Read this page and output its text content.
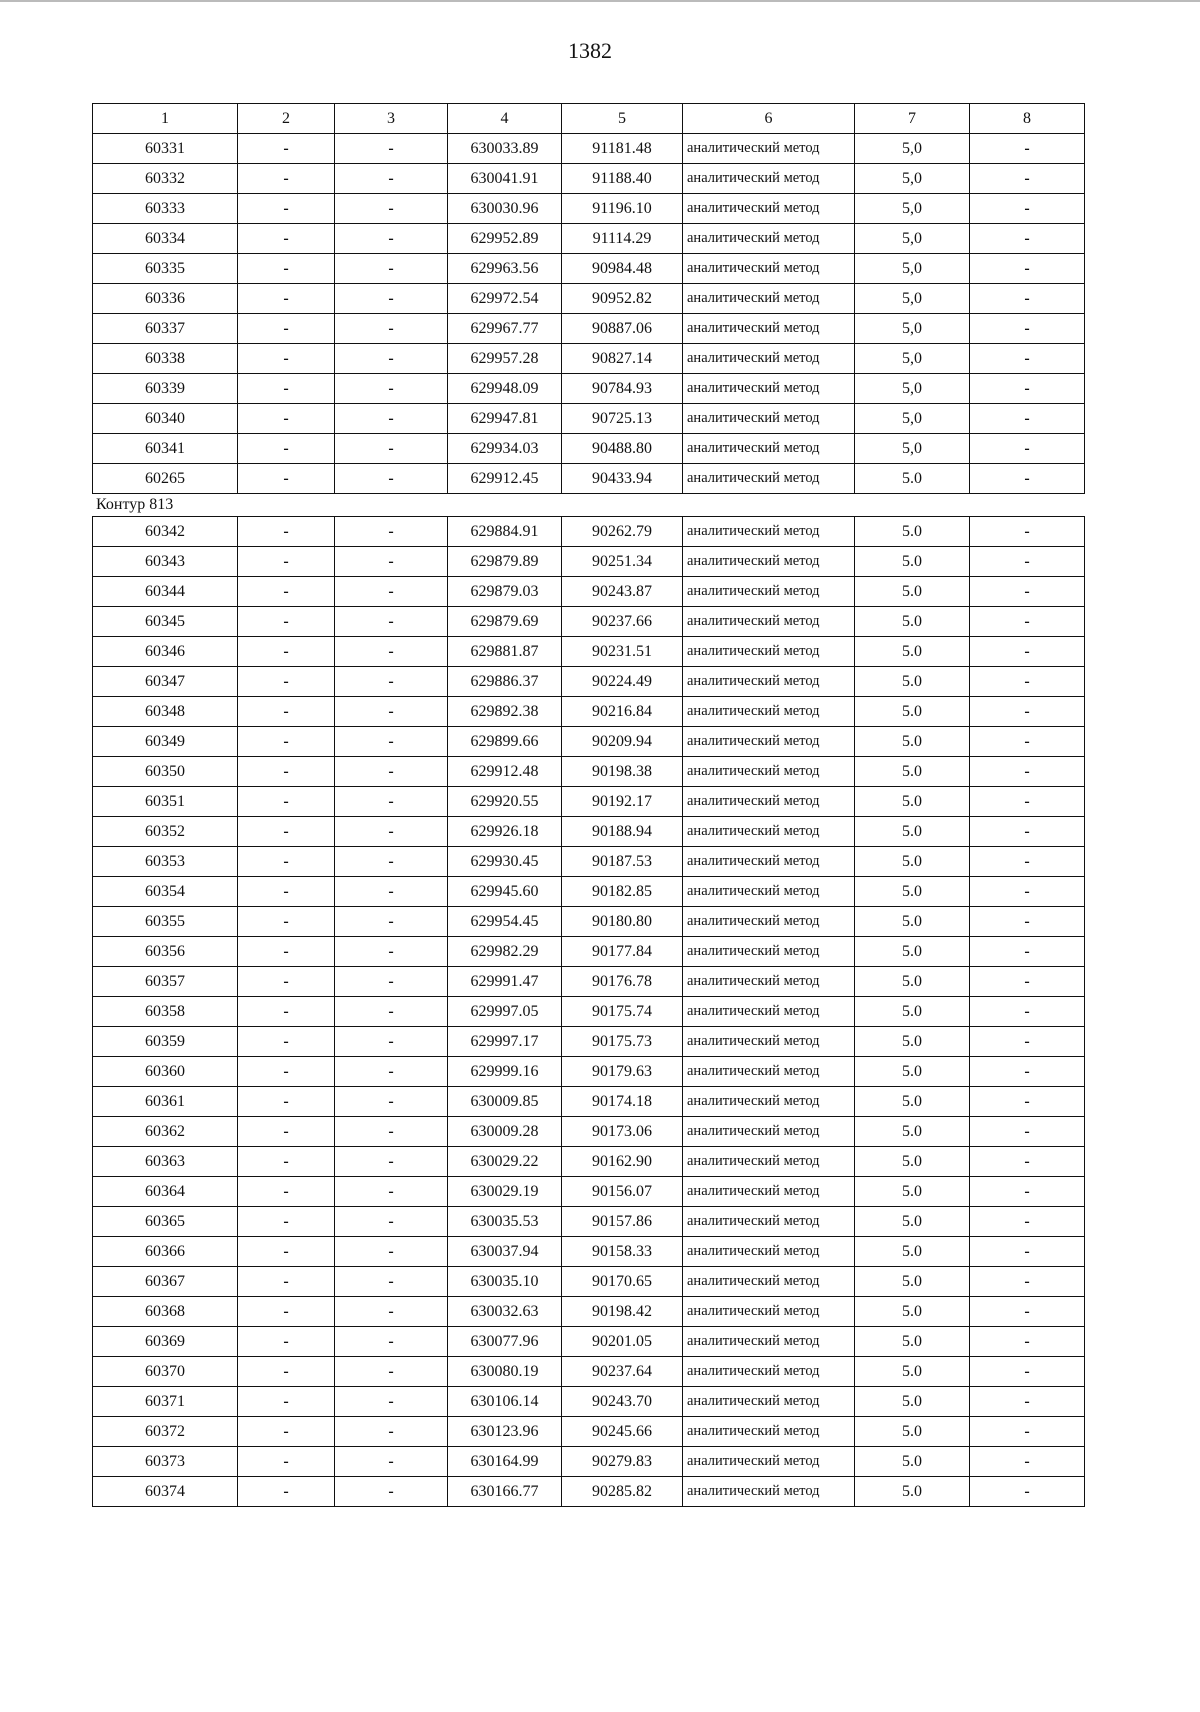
1382
1	2	3	4	5	6	7	8
60331	-	-	630033.89	91181.48	аналитический метод	5,0	-
60332	-	-	630041.91	91188.40	аналитический метод	5,0	-
60333	-	-	630030.96	91196.10	аналитический метод	5,0	-
60334	-	-	629952.89	91114.29	аналитический метод	5,0	-
60335	-	-	629963.56	90984.48	аналитический метод	5,0	-
60336	-	-	629972.54	90952.82	аналитический метод	5,0	-
60337	-	-	629967.77	90887.06	аналитический метод	5,0	-
60338	-	-	629957.28	90827.14	аналитический метод	5,0	-
60339	-	-	629948.09	90784.93	аналитический метод	5,0	-
60340	-	-	629947.81	90725.13	аналитический метод	5,0	-
60341	-	-	629934.03	90488.80	аналитический метод	5,0	-
60265	-	-	629912.45	90433.94	аналитический метод	5.0	-
Контур 813
60342	-	-	629884.91	90262.79	аналитический метод	5.0	-
60343	-	-	629879.89	90251.34	аналитический метод	5.0	-
60344	-	-	629879.03	90243.87	аналитический метод	5.0	-
60345	-	-	629879.69	90237.66	аналитический метод	5.0	-
60346	-	-	629881.87	90231.51	аналитический метод	5.0	-
60347	-	-	629886.37	90224.49	аналитический метод	5.0	-
60348	-	-	629892.38	90216.84	аналитический метод	5.0	-
60349	-	-	629899.66	90209.94	аналитический метод	5.0	-
60350	-	-	629912.48	90198.38	аналитический метод	5.0	-
60351	-	-	629920.55	90192.17	аналитический метод	5.0	-
60352	-	-	629926.18	90188.94	аналитический метод	5.0	-
60353	-	-	629930.45	90187.53	аналитический метод	5.0	-
60354	-	-	629945.60	90182.85	аналитический метод	5.0	-
60355	-	-	629954.45	90180.80	аналитический метод	5.0	-
60356	-	-	629982.29	90177.84	аналитический метод	5.0	-
60357	-	-	629991.47	90176.78	аналитический метод	5.0	-
60358	-	-	629997.05	90175.74	аналитический метод	5.0	-
60359	-	-	629997.17	90175.73	аналитический метод	5.0	-
60360	-	-	629999.16	90179.63	аналитический метод	5.0	-
60361	-	-	630009.85	90174.18	аналитический метод	5.0	-
60362	-	-	630009.28	90173.06	аналитический метод	5.0	-
60363	-	-	630029.22	90162.90	аналитический метод	5.0	-
60364	-	-	630029.19	90156.07	аналитический метод	5.0	-
60365	-	-	630035.53	90157.86	аналитический метод	5.0	-
60366	-	-	630037.94	90158.33	аналитический метод	5.0	-
60367	-	-	630035.10	90170.65	аналитический метод	5.0	-
60368	-	-	630032.63	90198.42	аналитический метод	5.0	-
60369	-	-	630077.96	90201.05	аналитический метод	5.0	-
60370	-	-	630080.19	90237.64	аналитический метод	5.0	-
60371	-	-	630106.14	90243.70	аналитический метод	5.0	-
60372	-	-	630123.96	90245.66	аналитический метод	5.0	-
60373	-	-	630164.99	90279.83	аналитический метод	5.0	-
60374	-	-	630166.77	90285.82	аналитический метод	5.0	-
